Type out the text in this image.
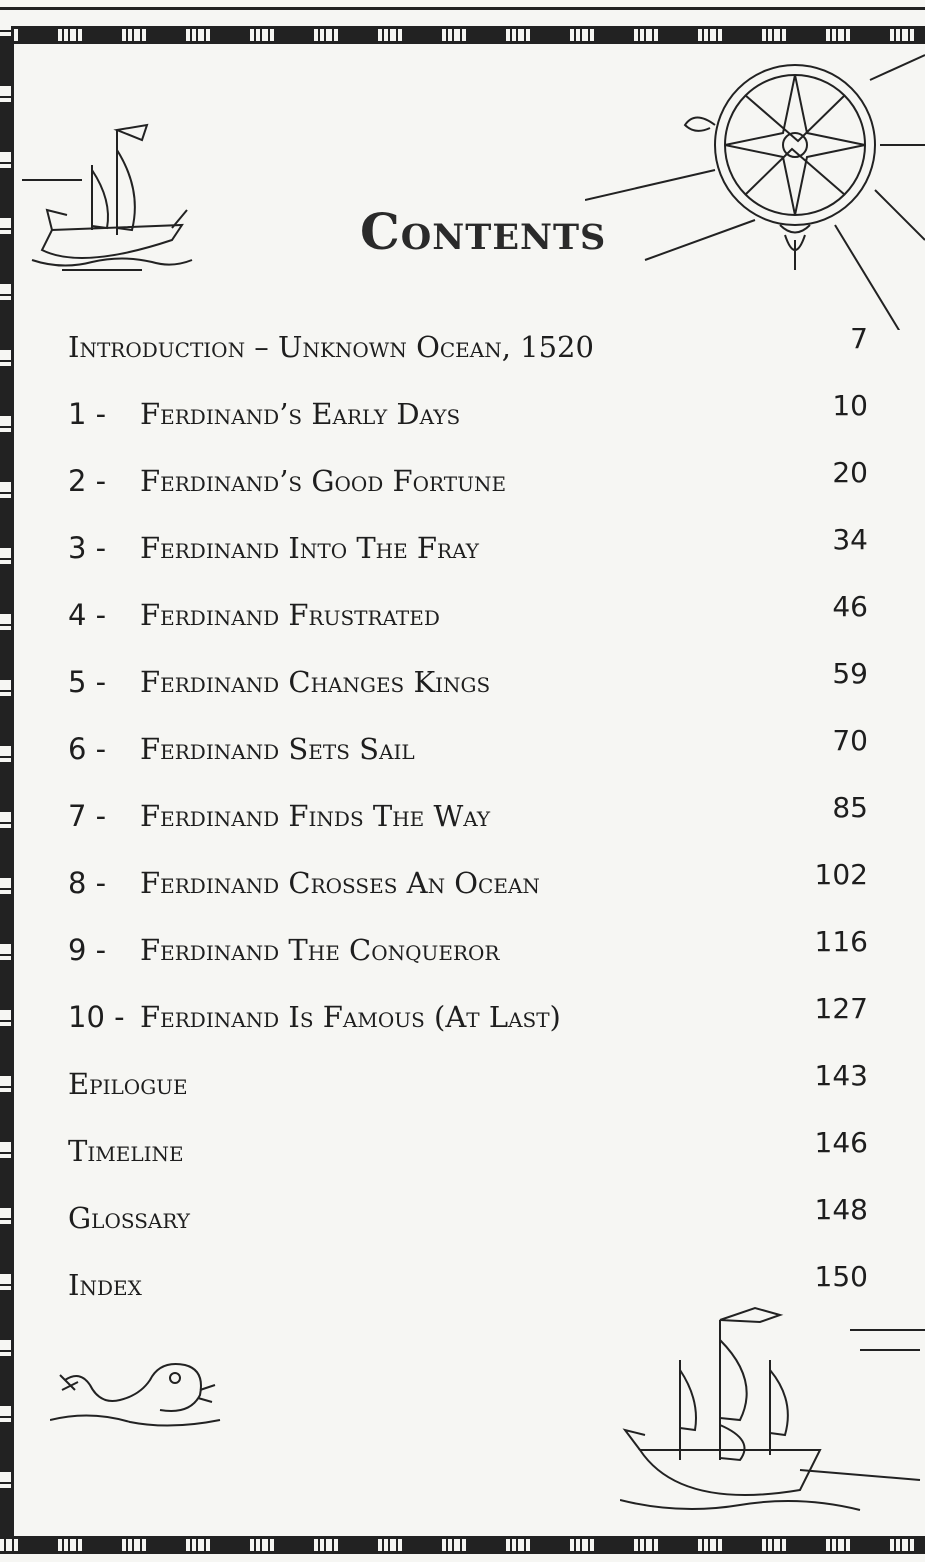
Contents
Introduction – Unknown Ocean, 1520	7
1 - Ferdinand’s Early Days	10
2 - Ferdinand’s Good Fortune	20
3 - Ferdinand Into The Fray	34
4 - Ferdinand Frustrated	46
5 - Ferdinand Changes Kings	59
6 - Ferdinand Sets Sail	70
7 - Ferdinand Finds The Way	85
8 - Ferdinand Crosses An Ocean	102
9 - Ferdinand The Conqueror	116
10 - Ferdinand Is Famous (At Last)	127
Epilogue	143
Timeline	146
Glossary	148
Index	150
